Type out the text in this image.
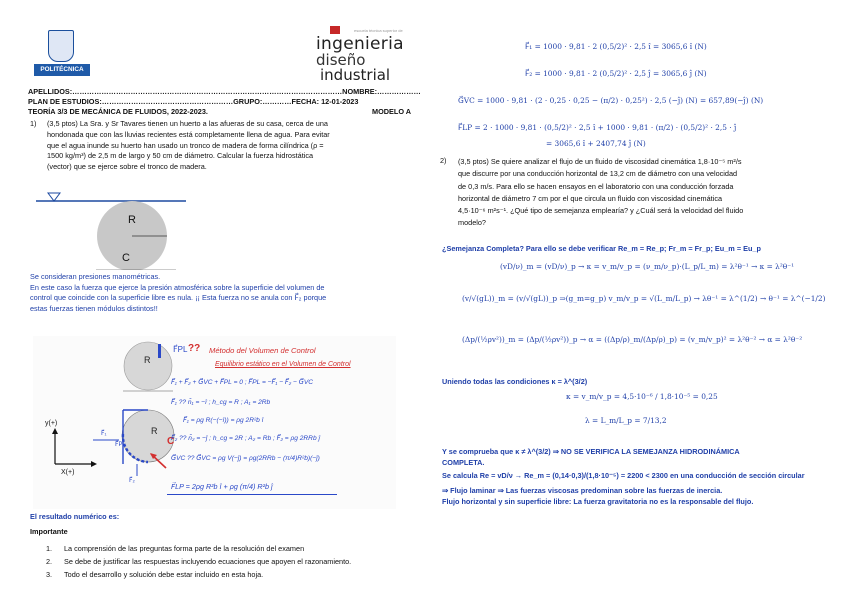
POLITÉCNICA
escuela técnica superior de
ingenieria
diseño
industrial
APELLIDOS:…………………………………………………………………………………………………NOMBRE:………………
PLAN DE ESTUDIOS:………………………………………………GRUPO:…………FECHA: 12-01-2023
TEORÍA 3/3 DE MECÁNICA DE FLUIDOS, 2022-2023.	MODELO A
1) (3,5 ptos) La Sra. y Sr Tavares tienen un huerto a las afueras de su casa, cerca de una
hondonada que con las lluvias recientes está completamente llena de agua. Para evitar
que el agua inunde su huerto han usado un tronco de madera de forma cilíndrica (ρ =
1500 kg/m³) de 2,5 m de largo y 50 cm de diámetro. Calcular la fuerza hidrostática
(vector) que se ejerce sobre el tronco de madera.
R
C
Se consideran presiones manométricas.
En este caso la fuerza que ejerce la presión atmosférica sobre la superficie del volumen de
control que coincide con la superficie libre es nula. ¡¡ Esta fuerza no se anula con F⃗₂ porque
estas fuerzas tienen módulos distintos!!
R
R
C
y(+)
X(+)
F⃗PL
F⃗₁
F⃗₂
F⃗PL ?? Método del Volumen de Control
Equilibrio estático en el Volumen de Control
F⃗₁ + F⃗₂ + G⃗VC + F⃗PL = 0 ; F⃗PL = −F⃗₁ − F⃗₂ − G⃗VC
F⃗₁ ?? n̂₁ = −î ; h_cg = R ; A₁ = 2Rb
F⃗₁ = ρg R(−(−î)) = ρg 2R²b î
F⃗₂ ?? n̂₂ = −ĵ ; h_cg = 2R ; A₂ = Rb ; F⃗₂ = ρg 2RRb ĵ
G⃗VC ?? G⃗VC = ρg V(−ĵ) = ρg(2RRb − (π/4)R²b)(−ĵ)
F⃗LP = 2ρg R²b î + ρg (π/4) R²b ĵ
El resultado numérico es:
Importante
1.	La comprensión de las preguntas forma parte de la resolución del examen
2.	Se debe de justificar las respuestas incluyendo ecuaciones que apoyen el razonamiento.
3.	Todo el desarrollo y solución debe estar incluido en esta hoja.
F⃗₁ = 1000 · 9,81 · 2 (0,5/2)² · 2,5 î = 3065,6 î (N)
F⃗₂ = 1000 · 9,81 · 2 (0,5/2)² · 2,5 ĵ = 3065,6 ĵ (N)
G⃗VC = 1000 · 9,81 · (2 · 0,25 · 0,25 − (π/2) · 0,25²) · 2,5 (−ĵ) (N) = 657,89(−ĵ) (N)
F⃗LP = 2 · 1000 · 9,81 · (0,5/2)² · 2,5 î + 1000 · 9,81 · (π/2) · (0,5/2)² · 2,5 · ĵ
= 3065,6 î + 2407,74 ĵ (N)
2) (3,5 ptos) Se quiere analizar el flujo de un fluido de viscosidad cinemática 1,8·10⁻⁵ m²/s
que discurre por una conducción horizontal de 13,2 cm de diámetro con una velocidad
de 0,3 m/s. Para ello se hacen ensayos en el laboratorio con una conducción forzada
horizontal de diámetro 7 cm por el que circula un fluido con viscosidad cinemática
4,5·10⁻⁶ m²s⁻¹. ¿Qué tipo de semejanza emplearía? y ¿Cuál será la velocidad del fluido
modelo?
¿Semejanza Completa? Para ello se debe verificar Re_m = Re_p; Fr_m = Fr_p; Eu_m = Eu_p
(vD/ν)_m = (vD/ν)_p → κ = v_m/v_p = (ν_m/ν_p)·(L_p/L_m) = λ²θ⁻¹ → κ = λ²θ⁻¹
(v/√(gL))_m = (v/√(gL))_p ⇒(g_m=g_p) v_m/v_p = √(L_m/L_p) → λθ⁻¹ = λ^(1/2) → θ⁻¹ = λ^(−1/2)
(Δp/(½ρv²))_m = (Δp/(½ρv²))_p → α = ((Δp/ρ)_m/(Δp/ρ)_p) = (v_m/v_p)² = λ²θ⁻² → α = λ²θ⁻²
Uniendo todas las condiciones κ = λ^(3/2)
κ = v_m/v_p = 4,5·10⁻⁶ / 1,8·10⁻⁵ = 0,25
λ = L_m/L_p = 7/13,2
Y se comprueba que κ ≠ λ^(3/2) ⇒ NO SE VERIFICA LA SEMEJANZA HIDRODINÁMICA
COMPLETA.
Se calcula Re = vD/ν → Re_m = (0,14·0,3)/(1,8·10⁻⁵) = 2200 < 2300 en una conducción de sección circular
⇒ Flujo laminar ⇒ Las fuerzas viscosas predominan sobre las fuerzas de inercia.
Flujo horizontal y sin superficie libre: La fuerza gravitatoria no es la responsable del flujo.
